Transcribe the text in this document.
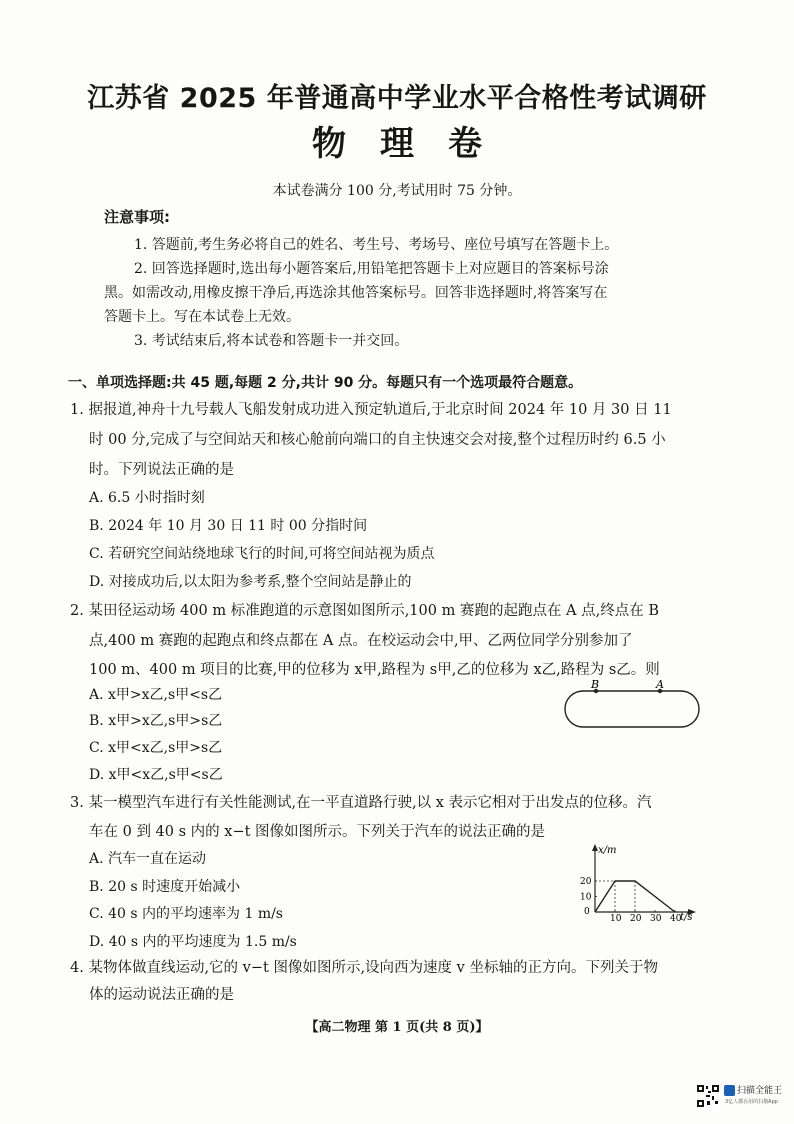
江苏省 2025 年普通高中学业水平合格性考试调研
物理卷
本试卷满分 100 分,考试用时 75 分钟。
注意事项:
1. 答题前,考生务必将自己的姓名、考生号、考场号、座位号填写在答题卡上。
2. 回答选择题时,选出每小题答案后,用铅笔把答题卡上对应题目的答案标号涂
黑。如需改动,用橡皮擦干净后,再选涂其他答案标号。回答非选择题时,将答案写在
答题卡上。写在本试卷上无效。
3. 考试结束后,将本试卷和答题卡一并交回。
一、单项选择题:共 45 题,每题 2 分,共计 90 分。每题只有一个选项最符合题意。
1. 据报道,神舟十九号载人飞船发射成功进入预定轨道后,于北京时间 2024 年 10 月 30 日 11
时 00 分,完成了与空间站天和核心舱前向端口的自主快速交会对接,整个过程历时约 6.5 小
时。下列说法正确的是
A. 6.5 小时指时刻
B. 2024 年 10 月 30 日 11 时 00 分指时间
C. 若研究空间站绕地球飞行的时间,可将空间站视为质点
D. 对接成功后,以太阳为参考系,整个空间站是静止的
2. 某田径运动场 400 m 标准跑道的示意图如图所示,100 m 赛跑的起跑点在 A 点,终点在 B
点,400 m 赛跑的起跑点和终点都在 A 点。在校运动会中,甲、乙两位同学分别参加了
100 m、400 m 项目的比赛,甲的位移为 x甲,路程为 s甲,乙的位移为 x乙,路程为 s乙。则
A. x甲>x乙,s甲<s乙
B. x甲>x乙,s甲>s乙
C. x甲<x乙,s甲>s乙
D. x甲<x乙,s甲<s乙
B	A
3. 某一模型汽车进行有关性能测试,在一平直道路行驶,以 x 表示它相对于出发点的位移。汽
车在 0 到 40 s 内的 x−t 图像如图所示。下列关于汽车的说法正确的是
A. 汽车一直在运动
B. 20 s 时速度开始减小
C. 40 s 内的平均速率为 1 m/s
D. 40 s 内的平均速度为 1.5 m/s
10 20 30 40
20
10
x/m
t/s
0
4. 某物体做直线运动,它的 v−t 图像如图所示,设向西为速度 v 坐标轴的正方向。下列关于物
体的运动说法正确的是
【高二物理 第 1 页(共 8 页)】
扫描全能王
3亿人都在用的扫描App
